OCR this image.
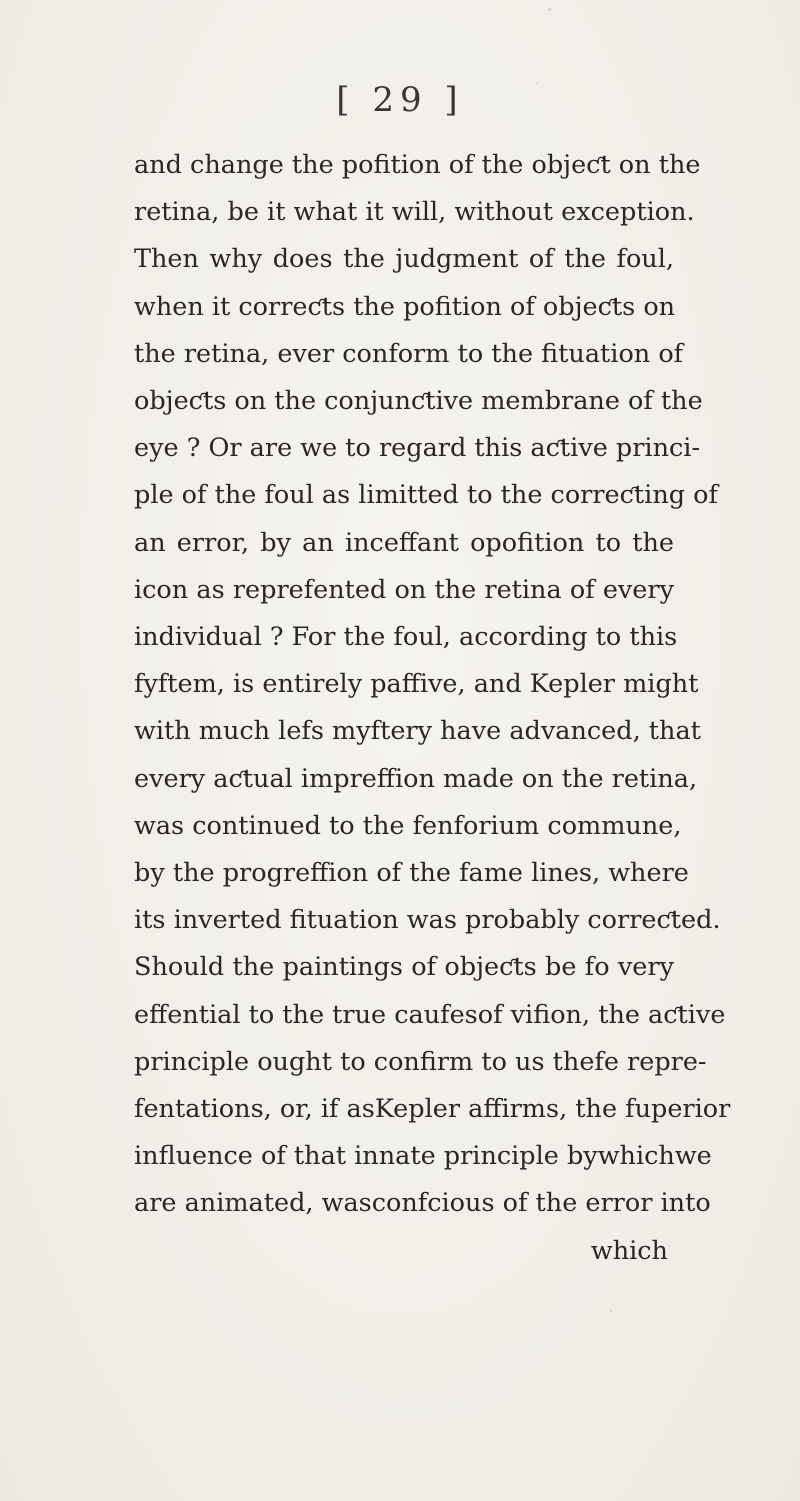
[ 29 ]
and change the pofition of the objeƈt on the
retina, be it what it will, without exception.
Then why does the judgment of the foul,
when it correƈts the pofition of objeƈts on
the retina, ever conform to the fituation of
objeƈts on the conjunƈtive membrane of the
eye ? Or are we to regard this aƈtive princi-
ple of the foul as limitted to the correƈting of
an error, by an inceffant opofition to the
icon as reprefented on the retina of every
individual ? For the foul, according to this
fyftem, is entirely paffive, and Kepler might
with much lefs myftery have advanced, that
every aƈtual impreffion made on the retina,
was continued to the fenforium commune,
by the progreffion of the fame lines, where
its inverted fituation was probably correƈted.
Should the paintings of objeƈts be fo very
effential to the true caufesof vifion, the aƈtive
principle ought to confirm to us thefe repre-
fentations, or, if asKepler affirms, the fuperior
influence of that innate principle bywhichwe
are animated, wasconfcious of the error into
which
